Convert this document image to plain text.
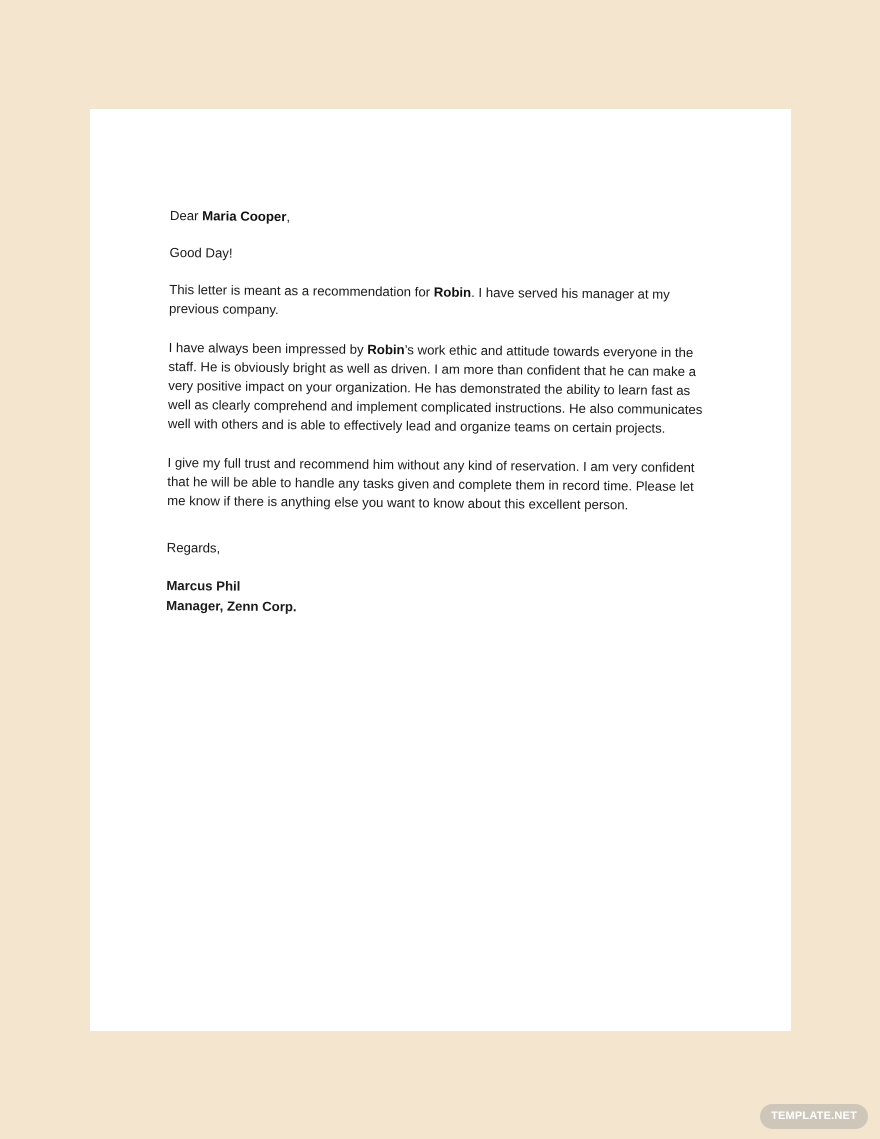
Dear Maria Cooper,

Good Day!

This letter is meant as a recommendation for Robin. I have served his manager at my previous company.

I have always been impressed by Robin’s work ethic and attitude towards everyone in the staff. He is obviously bright as well as driven. I am more than confident that he can make a very positive impact on your organization. He has demonstrated the ability to learn fast as well as clearly comprehend and implement complicated instructions. He also communicates well with others and is able to effectively lead and organize teams on certain projects.

I give my full trust and recommend him without any kind of reservation. I am very confident that he will be able to handle any tasks given and complete them in record time. Please let me know if there is anything else you want to know about this excellent person.

Regards,

Marcus Phil

Manager, Zenn Corp.

TEMPLATE.NET
